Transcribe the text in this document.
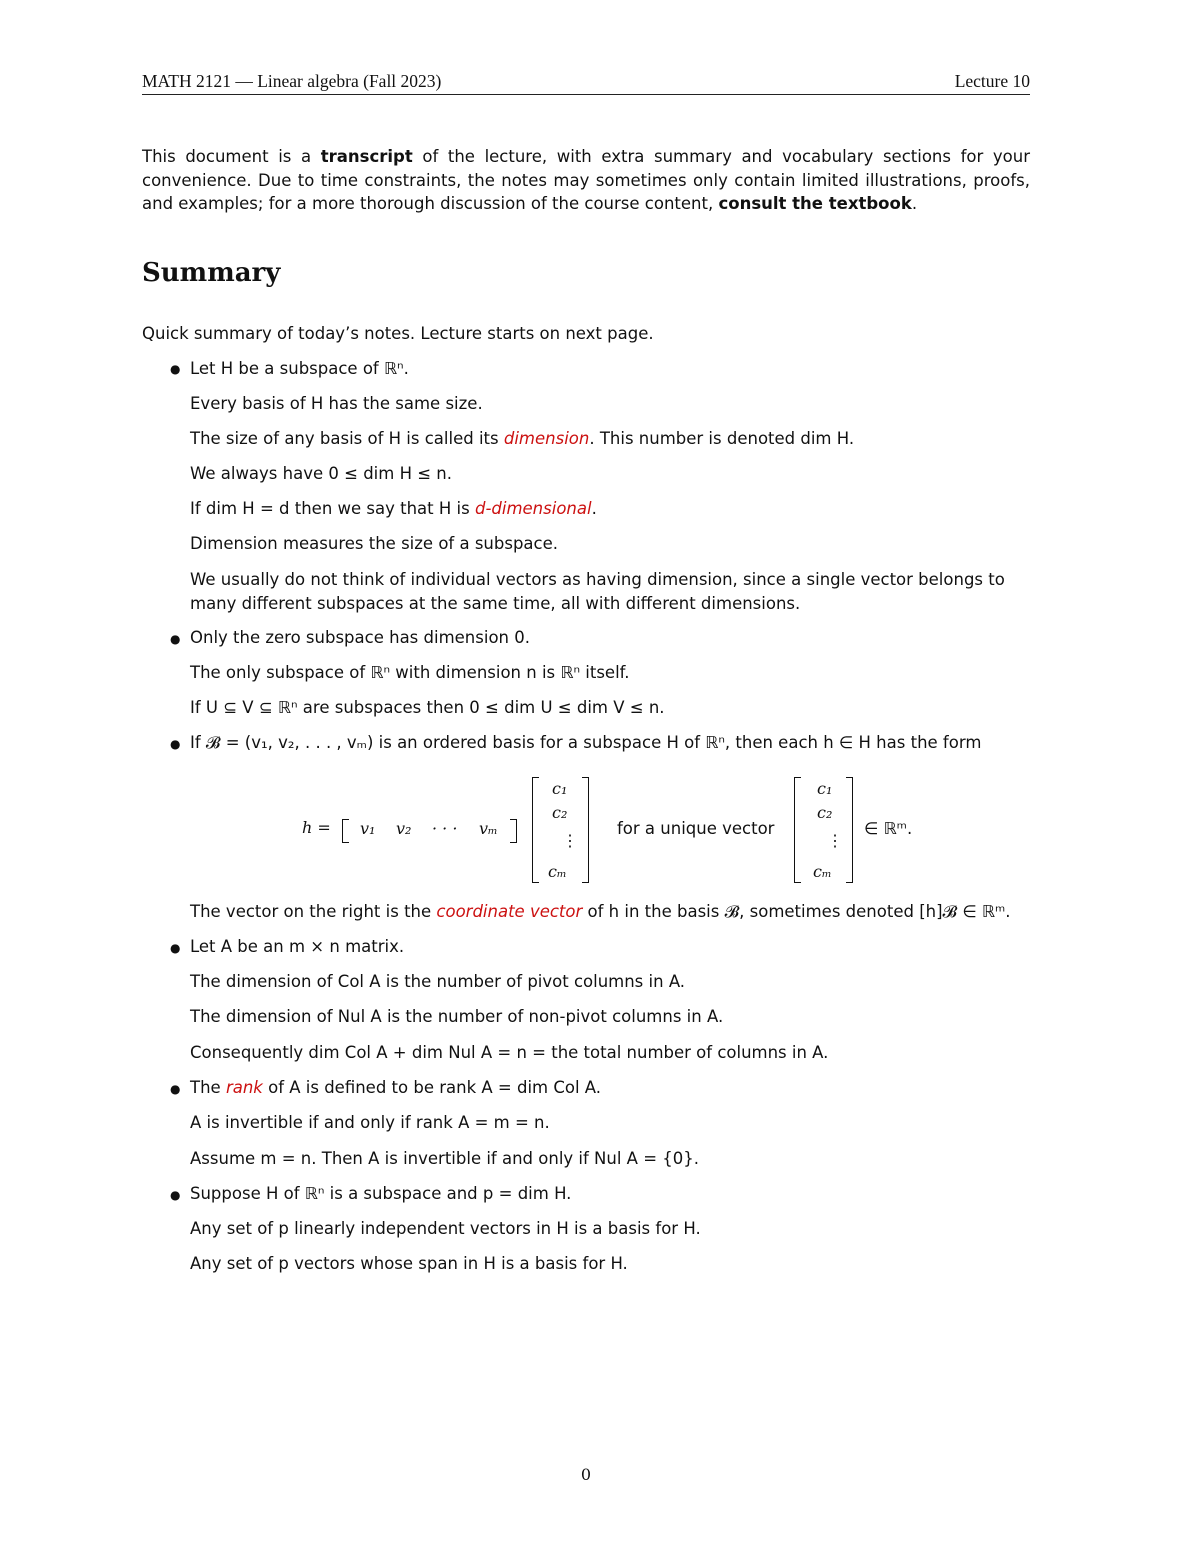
MATH 2121 — Linear algebra (Fall 2023)	Lecture 10
This document is a transcript of the lecture, with extra summary and vocabulary sections for your convenience. Due to time constraints, the notes may sometimes only contain limited illustrations, proofs, and examples; for a more thorough discussion of the course content, consult the textbook.
Summary
Quick summary of today’s notes. Lecture starts on next page.
● Let H be a subspace of ℝⁿ.
Every basis of H has the same size.
The size of any basis of H is called its dimension. This number is denoted dim H.
We always have 0 ≤ dim H ≤ n.
If dim H = d then we say that H is d-dimensional.
Dimension measures the size of a subspace.
We usually do not think of individual vectors as having dimension, since a single vector belongs to many different subspaces at the same time, all with different dimensions.
● Only the zero subspace has dimension 0.
The only subspace of ℝⁿ with dimension n is ℝⁿ itself.
If U ⊆ V ⊆ ℝⁿ are subspaces then 0 ≤ dim U ≤ dim V ≤ n.
● If 𝓑 = (v₁, v₂, . . . , vₘ) is an ordered basis for a subspace H of ℝⁿ, then each h ∈ H has the form
h = v₁ v₂ · · · vₘ
c₁
c₂
⋮
cₘ
for a unique vector
c₁
c₂
⋮
cₘ
∈ ℝᵐ.
The vector on the right is the coordinate vector of h in the basis 𝓑, sometimes denoted [h]𝓑 ∈ ℝᵐ.
● Let A be an m × n matrix.
The dimension of Col A is the number of pivot columns in A.
The dimension of Nul A is the number of non-pivot columns in A.
Consequently dim Col A + dim Nul A = n = the total number of columns in A.
● The rank of A is defined to be rank A = dim Col A.
A is invertible if and only if rank A = m = n.
Assume m = n. Then A is invertible if and only if Nul A = {0}.
● Suppose H of ℝⁿ is a subspace and p = dim H.
Any set of p linearly independent vectors in H is a basis for H.
Any set of p vectors whose span in H is a basis for H.
0
